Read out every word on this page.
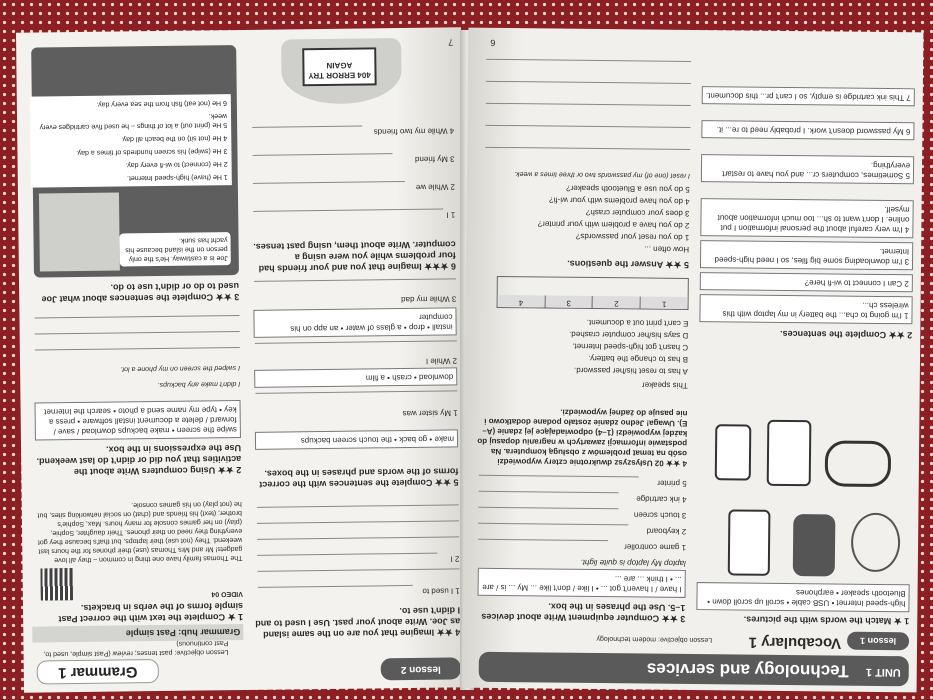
Grammar 1	lesson 2
Lesson objective: past tenses; review (Past simple, used to, Past continuous)
4 ★★ Imagine that you are on the same island as Joe. Write about your past. Use I used to and I didn't use to.
1 I used to
2 I
5 ★★ Complete the sentences with the correct forms of the words and phrases in the boxes.
make • go back • the touch screen backups
1 My sister was
download • crash • a film
2 While I
install • drop • a glass of water • an app on his computer
3 While my dad
6 ★★★ Imagine that you and your friends had four problems while you were using a computer. Write about them, using past tenses.
1 I
2 While we
3 My friend
4 While my two friends
404 ERROR TRY AGAIN
7
Grammar hub: Past simple
1 ★ Complete the text with the correct Past simple forms of the verbs in brackets.
VIDEO 04
The Thomas family have one thing in common – they all love gadgets! Mr and Mrs Thomas (use) their phones for the hours last weekend. They (not use) their laptops, but that's because they got everything they need on their phones. Their daughter, Sophie, (play) on her games console for many hours. Max, Sophie's brother, (text) his friends and (chat) on social networking sites, but he (not play) on his games console.
2 ★★ Using computers Write about the activities that you did or didn't do last weekend. Use the expressions in the box.
swipe the screen • make backups download / save / forward / delete a document install software • press a key • type my name send a photo • search the Internet
I didn't make any backups.
I swiped the screen on my phone a lot.
3 ★★ Complete the sentences about what Joe used to do or didn't use to do.
Joe is a castaway. He's the only person on the island because his yacht has sunk.
1 He (have) high-speed Internet.
2 He (connect) to wi-fi every day.
3 He (swipe) his screen hundreds of times a day.
4 He (not sit) on the beach all day.
5 He (print out) a lot of things – he used five cartridges every week.
6 He (not eat) fish from the sea every day.
UNIT 1
Technology and services
lesson 1
Vocabulary 1
Lesson objective: modern technology
1 ★ Match the words with the pictures.
high-speed Internet • USB cable • scroll up scroll down • Bluetooth speaker • earphones
2 ★★ Complete the sentences.
1 I'm going to cha... the battery in my laptop with this wireless ch...
2 Can I connect to wi-fi here?
3 I'm downloading some big files, so I need high-speed Internet.
4 I'm very careful about the personal information I put online. I don't want to sh... too much information about myself.
5 Sometimes, computers cr... and you have to restart everything.
6 My password doesn't work. I probably need to re... it.
7 This ink cartridge is empty, so I can't pr... this document.
6
3 ★★ Computer equipment Write about devices 1–5. Use the phrases in the box.
I have / I haven't got ... • I like / don't like ... My ... is / are ... • I think ... are ...
laptop My laptop is quite light.
1 game controller
2 keyboard
3 touch screen
4 ink cartridge
5 printer
4 ★★ 02 Usłyszysz dwukrotnie cztery wypowiedzi osób na temat problemów z obsługą komputera. Na podstawie informacji zawartych w nagraniu dopasuj do każdej wypowiedzi (1–4) odpowiadające jej zdanie (A–E). Uwaga! Jedno zdanie zostało podane dodatkowo i nie pasuje do żadnej wypowiedzi.
This speaker
A has to reset his/her password.
B has to change the battery.
C hasn't got high-speed Internet.
D says his/her computer crashed.
E can't print out a document.
1
2
3
4
5 ★★ Answer the questions.
How often ...
1 do you reset your passwords?
2 do you have a problem with your printer?
3 does your computer crash?
4 do you have problems with your wi-fi?
5 do you use a Bluetooth speaker?
I reset (one of) my passwords two or three times a week.
